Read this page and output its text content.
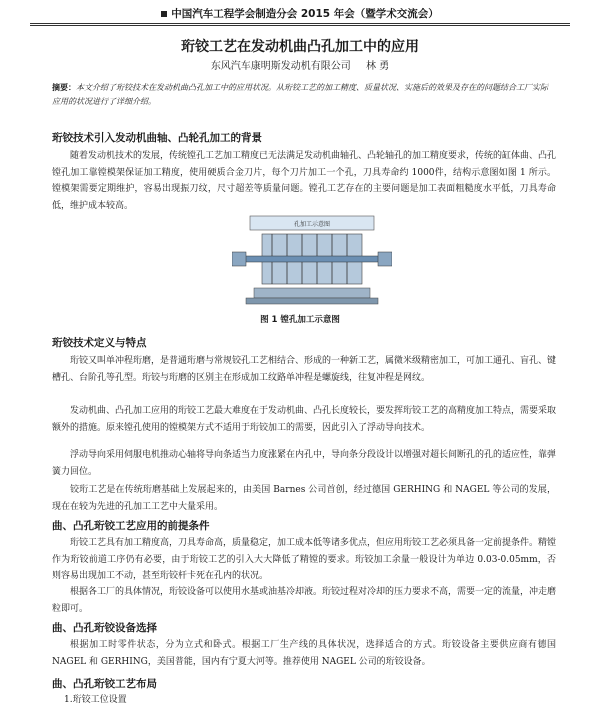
中国汽车工程学会制造分会 2015 年会（暨学术交流会）
珩铰工艺在发动机曲凸孔加工中的应用
东风汽车康明斯发动机有限公司 林 勇
摘要：本文介绍了珩铰技术在发动机曲凸孔加工中的应用状况。从珩铰工艺的加工精度、质量状况、实施后的效果及存在的问题结合工厂实际应用的状况进行了详细介绍。
珩铰技术引入发动机曲轴、凸轮孔加工的背景
随着发动机技术的发展，传统镗孔工艺加工精度已无法满足发动机曲轴孔、凸轮轴孔的加工精度要求，传统的缸体曲、凸孔镗孔加工靠镗模架保证加工精度，使用硬质合金刀片，每个刀片加工一个孔，刀具寿命约 1000件，结构示意图如图 1 所示。镗模架需要定期维护，容易出现振刀纹，尺寸超差等质量问题。镗孔工艺存在的主要问题是加工表面粗糙度水平低，刀具寿命低，维护成本较高。
孔加工示意图
图 1 镗孔加工示意图
珩铰技术定义与特点
珩铰又叫单冲程珩磨，是普通珩磨与常规铰孔工艺相结合、形成的一种新工艺，属微米级精密加工，可加工通孔、盲孔、键槽孔、台阶孔等孔型。珩铰与珩磨的区别主在形成加工纹路单冲程是螺旋线，往复冲程是网纹。
发动机曲、凸孔加工应用的珩铰工艺最大难度在于发动机曲、凸孔长度较长，要发挥珩铰工艺的高精度加工特点，需要采取额外的措施。原来镗孔使用的镗模架方式不适用于珩铰加工的需要，因此引入了浮动导向技术。
浮动导向采用伺服电机推动心轴将导向条适当力度涨紧在内孔中，导向条分段设计以增强对超长间断孔的孔的适应性，靠弹簧力回位。
铰珩工艺是在传统珩磨基础上发展起来的，由美国 Barnes 公司首创，经过德国 GERHING 和 NAGEL 等公司的发展，现在在较为先进的孔加工工艺中大量采用。
曲、凸孔珩铰工艺应用的前提条件
珩铰工艺具有加工精度高，刀具寿命高，质量稳定，加工成本低等诸多优点，但应用珩铰工艺必须具备一定前提条件。精镗作为珩铰前道工序仍有必要，由于珩铰工艺的引入大大降低了精镗的要求。珩铰加工余量一般设计为单边 0.03-0.05mm，否则容易出现加工不动，甚至珩铰杆卡死在孔内的状况。
根据各工厂的具体情况，珩铰设备可以使用水基或油基冷却液。珩铰过程对冷却的压力要求不高，需要一定的流量，冲走磨粒即可。
曲、凸孔珩铰设备选择
根据加工时零件状态，分为立式和卧式。根据工厂生产线的具体状况，选择适合的方式。珩铰设备主要供应商有德国 NAGEL 和 GERHING，美国普能，国内有宁夏大河等。推荐使用 NAGEL 公司的珩铰设备。
曲、凸孔珩铰工艺布局
1.珩铰工位设置
